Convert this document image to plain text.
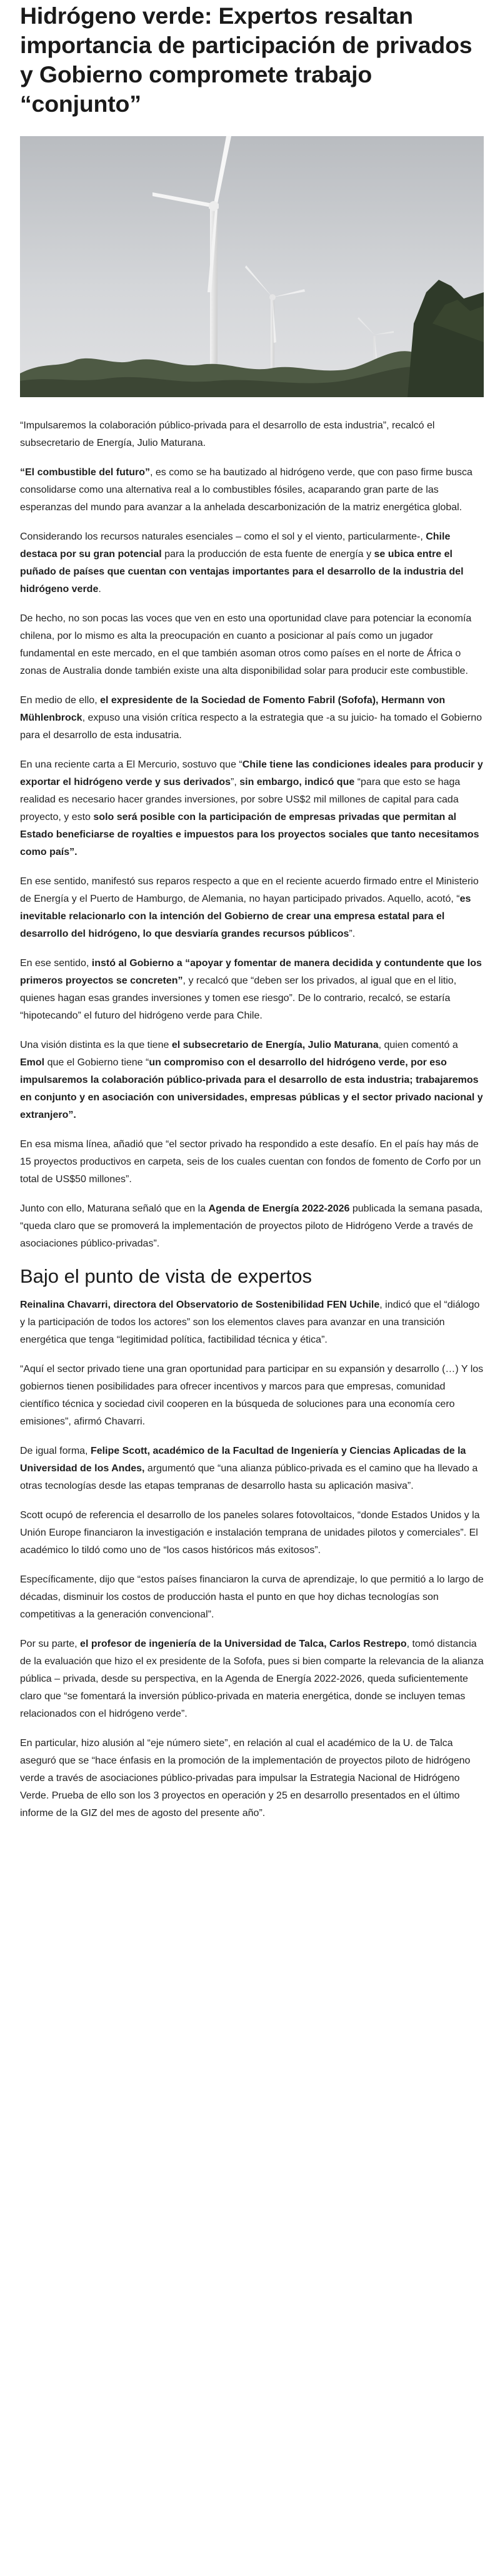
Hidrógeno verde: Expertos resaltan importancia de participación de privados y Gobierno compromete trabajo “conjunto”

“Impulsaremos la colaboración público-privada para el desarrollo de esta industria”, recalcó el subsecretario de Energía, Julio Maturana.

“El combustible del futuro”, es como se ha bautizado al hidrógeno verde, que con paso firme busca consolidarse como una alternativa real a lo combustibles fósiles, acaparando gran parte de las esperanzas del mundo para avanzar a la anhelada descarbonización de la matriz energética global.

Considerando los recursos naturales esenciales – como el sol y el viento, particularmente-, Chile destaca por su gran potencial para la producción de esta fuente de energía y se ubica entre el puñado de países que cuentan con ventajas importantes para el desarrollo de la industria del hidrógeno verde.

De hecho, no son pocas las voces que ven en esto una oportunidad clave para potenciar la economía chilena, por lo mismo es alta la preocupación en cuanto a posicionar al país como un jugador fundamental en este mercado, en el que también asoman otros como países en el norte de África o zonas de Australia donde también existe una alta disponibilidad solar para producir este combustible.

En medio de ello, el expresidente de la Sociedad de Fomento Fabril (Sofofa), Hermann von Mühlenbrock, expuso una visión crítica respecto a la estrategia que -a su juicio- ha tomado el Gobierno para el desarrollo de esta indusatria.

En una reciente carta a El Mercurio, sostuvo que “Chile tiene las condiciones ideales para producir y exportar el hidrógeno verde y sus derivados”, sin embargo, indicó que “para que esto se haga realidad es necesario hacer grandes inversiones, por sobre US$2 mil millones de capital para cada proyecto, y esto solo será posible con la participación de empresas privadas que permitan al Estado beneficiarse de royalties e impuestos para los proyectos sociales que tanto necesitamos como país”.

En ese sentido, manifestó sus reparos respecto a que en el reciente acuerdo firmado entre el Ministerio de Energía y el Puerto de Hamburgo, de Alemania, no hayan participado privados. Aquello, acotó, “es inevitable relacionarlo con la intención del Gobierno de crear una empresa estatal para el desarrollo del hidrógeno, lo que desviaría grandes recursos públicos”.

En ese sentido, instó al Gobierno a “apoyar y fomentar de manera decidida y contundente que los primeros proyectos se concreten”, y recalcó que “deben ser los privados, al igual que en el litio, quienes hagan esas grandes inversiones y tomen ese riesgo”. De lo contrario, recalcó, se estaría “hipotecando” el futuro del hidrógeno verde para Chile.

Una visión distinta es la que tiene el subsecretario de Energía, Julio Maturana, quien comentó a Emol que el Gobierno tiene “un compromiso con el desarrollo del hidrógeno verde, por eso impulsaremos la colaboración público-privada para el desarrollo de esta industria; trabajaremos en conjunto y en asociación con universidades, empresas públicas y el sector privado nacional y extranjero”.

En esa misma línea, añadió que “el sector privado ha respondido a este desafío. En el país hay más de 15 proyectos productivos en carpeta, seis de los cuales cuentan con fondos de fomento de Corfo por un total de US$50 millones”.

Junto con ello, Maturana señaló que en la Agenda de Energía 2022-2026 publicada la semana pasada, “queda claro que se promoverá la implementación de proyectos piloto de Hidrógeno Verde a través de asociaciones público-privadas”.

Bajo el punto de vista de expertos

Reinalina Chavarri, directora del Observatorio de Sostenibilidad FEN Uchile, indicó que el “diálogo y la participación de todos los actores” son los elementos claves para avanzar en una transición energética que tenga “legitimidad política, factibilidad técnica y ética”.

“Aquí el sector privado tiene una gran oportunidad para participar en su expansión y desarrollo (…) Y los gobiernos tienen posibilidades para ofrecer incentivos y marcos para que empresas, comunidad científico técnica y sociedad civil cooperen en la búsqueda de soluciones para una economía cero emisiones”, afirmó Chavarri.

De igual forma, Felipe Scott, académico de la Facultad de Ingeniería y Ciencias Aplicadas de la Universidad de los Andes, argumentó que “una alianza público-privada es el camino que ha llevado a otras tecnologías desde las etapas tempranas de desarrollo hasta su aplicación masiva”.

Scott ocupó de referencia el desarrollo de los paneles solares fotovoltaicos, “donde Estados Unidos y la Unión Europe financiaron la investigación e instalación temprana de unidades pilotos y comerciales”. El académico lo tildó como uno de “los casos históricos más exitosos”.

Específicamente, dijo que “estos países financiaron la curva de aprendizaje, lo que permitió a lo largo de décadas, disminuir los costos de producción hasta el punto en que hoy dichas tecnologías son competitivas a la generación convencional”.

Por su parte, el profesor de ingeniería de la Universidad de Talca, Carlos Restrepo, tomó distancia de la evaluación que hizo el ex presidente de la Sofofa, pues si bien comparte la relevancia de la alianza pública – privada, desde su perspectiva, en la Agenda de Energía 2022-2026, queda suficientemente claro que “se fomentará la inversión público-privada en materia energética, donde se incluyen temas relacionados con el hidrógeno verde”.

En particular, hizo alusión al “eje número siete”, en relación al cual el académico de la U. de Talca aseguró que se “hace énfasis en la promoción de la implementación de proyectos piloto de hidrógeno verde a través de asociaciones público-privadas para impulsar la Estrategia Nacional de Hidrógeno Verde. Prueba de ello son los 3 proyectos en operación y 25 en desarrollo presentados en el último informe de la GIZ del mes de agosto del presente año”.
